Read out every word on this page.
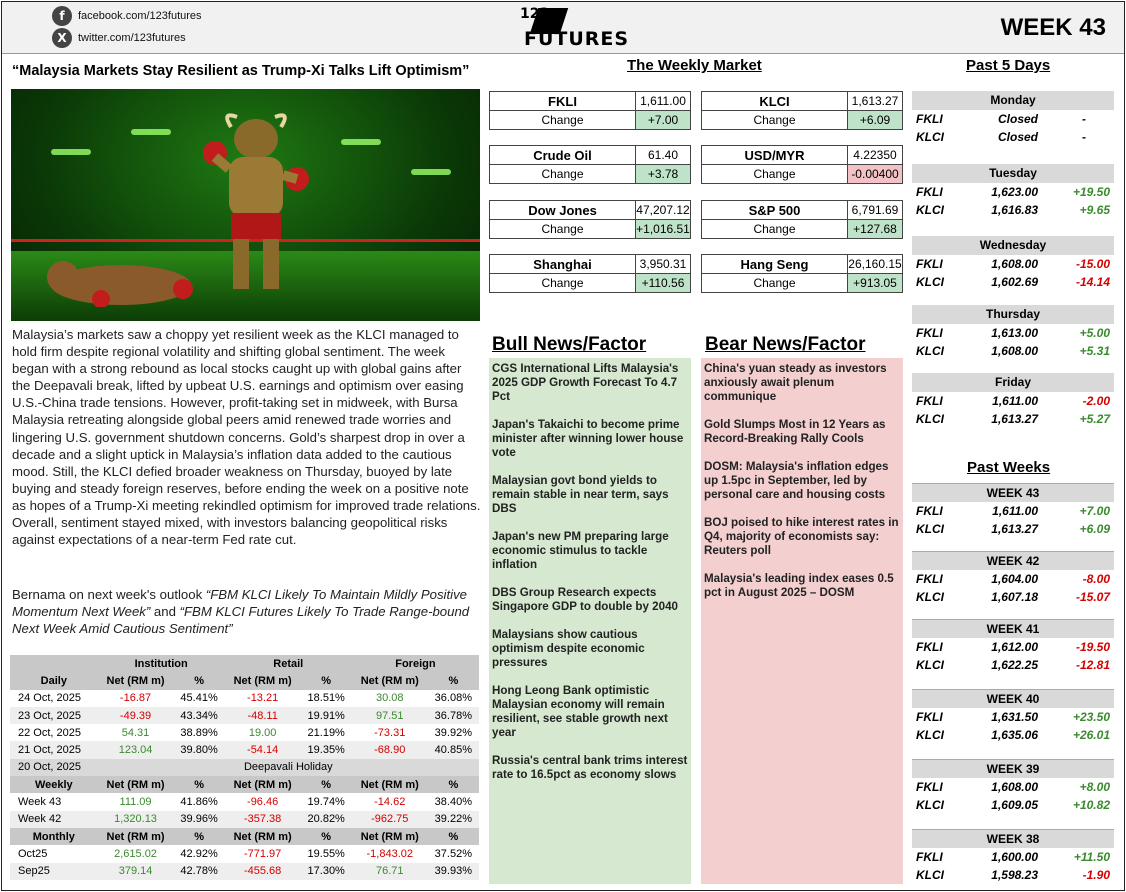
f	facebook.com/123futures
X	twitter.com/123futures
123
FUTURES	WEEK 43
“Malaysia Markets Stay Resilient as Trump-Xi Talks Lift Optimism”
Malaysia’s markets saw a choppy yet resilient week as the KLCI managed to hold firm despite regional volatility and shifting global sentiment. The week began with a strong rebound as local stocks caught up with global gains after the Deepavali break, lifted by upbeat U.S. earnings and optimism over easing U.S.-China trade tensions. However, profit-taking set in midweek, with Bursa Malaysia retreating alongside global peers amid renewed trade worries and lingering U.S. government shutdown concerns. Gold’s sharpest drop in over a decade and a slight uptick in Malaysia’s inflation data added to the cautious mood. Still, the KLCI defied broader weakness on Thursday, buoyed by late buying and steady foreign reserves, before ending the week on a positive note as hopes of a Trump-Xi meeting rekindled optimism for improved trade relations. Overall, sentiment stayed mixed, with investors balancing geopolitical risks against expectations of a near-term Fed rate cut.
Bernama on next week's outlook “FBM KLCI Likely To Maintain Mildly Positive Momentum Next Week” and “FBM KLCI Futures Likely To Trade Range-bound Next Week Amid Cautious Sentiment”
	Institution		Retail		Foreign	
Daily	Net (RM m)	%	Net (RM m)	%	Net (RM m)	%
24 Oct, 2025	-16.87	45.41%	-13.21	18.51%	30.08	36.08%
23 Oct, 2025	-49.39	43.34%	-48.11	19.91%	97.51	36.78%
22 Oct, 2025	54.31	38.89%	19.00	21.19%	-73.31	39.92%
21 Oct, 2025	123.04	39.80%	-54.14	19.35%	-68.90	40.85%
20 Oct, 2025	Deepavali Holiday					
Weekly	Net (RM m)	%	Net (RM m)	%	Net (RM m)	%
Week 43	111.09	41.86%	-96.46	19.74%	-14.62	38.40%
Week 42	1,320.13	39.96%	-357.38	20.82%	-962.75	39.22%
Monthly	Net (RM m)	%	Net (RM m)	%	Net (RM m)	%
Oct25	2,615.02	42.92%	-771.97	19.55%	-1,843.02	37.52%
Sep25	379.14	42.78%	-455.68	17.30%	76.71	39.93%
The Weekly Market
FKLI	1,611.00
Change	+7.00
KLCI	1,613.27
Change	+6.09
Crude Oil	61.40
Change	+3.78
USD/MYR	4.22350
Change	-0.00400
Dow Jones	47,207.12
Change	+1,016.51
S&P 500	6,791.69
Change	+127.68
Shanghai	3,950.31
Change	+110.56
Hang Seng	26,160.15
Change	+913.05
Bull News/Factor	Bear News/Factor
CGS International Lifts Malaysia's 2025 GDP Growth Forecast To 4.7 Pct
Japan's Takaichi to become prime minister after winning lower house vote
Malaysian govt bond yields to remain stable in near term, says DBS
Japan's new PM preparing large economic stimulus to tackle inflation
DBS Group Research expects Singapore GDP to double by 2040
Malaysians show cautious optimism despite economic pressures
Hong Leong Bank optimistic Malaysian economy will remain resilient, see stable growth next year
Russia's central bank trims interest rate to 16.5pct as economy slows
China's yuan steady as investors anxiously await plenum communique
Gold Slumps Most in 12 Years as Record-Breaking Rally Cools
DOSM: Malaysia's inflation edges up 1.5pc in September, led by personal care and housing costs
BOJ poised to hike interest rates in Q4, majority of economists say: Reuters poll
Malaysia's leading index eases 0.5 pct in August 2025 – DOSM
Past 5 Days
Monday
FKLI	Closed	-
KLCI	Closed	-
Tuesday
FKLI	1,623.00	+19.50
KLCI	1,616.83	+9.65
Wednesday
FKLI	1,608.00	-15.00
KLCI	1,602.69	-14.14
Thursday
FKLI	1,613.00	+5.00
KLCI	1,608.00	+5.31
Friday
FKLI	1,611.00	-2.00
KLCI	1,613.27	+5.27
Past Weeks
WEEK 43
FKLI	1,611.00	+7.00
KLCI	1,613.27	+6.09
WEEK 42
FKLI	1,604.00	-8.00
KLCI	1,607.18	-15.07
WEEK 41
FKLI	1,612.00	-19.50
KLCI	1,622.25	-12.81
WEEK 40
FKLI	1,631.50	+23.50
KLCI	1,635.06	+26.01
WEEK 39
FKLI	1,608.00	+8.00
KLCI	1,609.05	+10.82
WEEK 38
FKLI	1,600.00	+11.50
KLCI	1,598.23	-1.90
